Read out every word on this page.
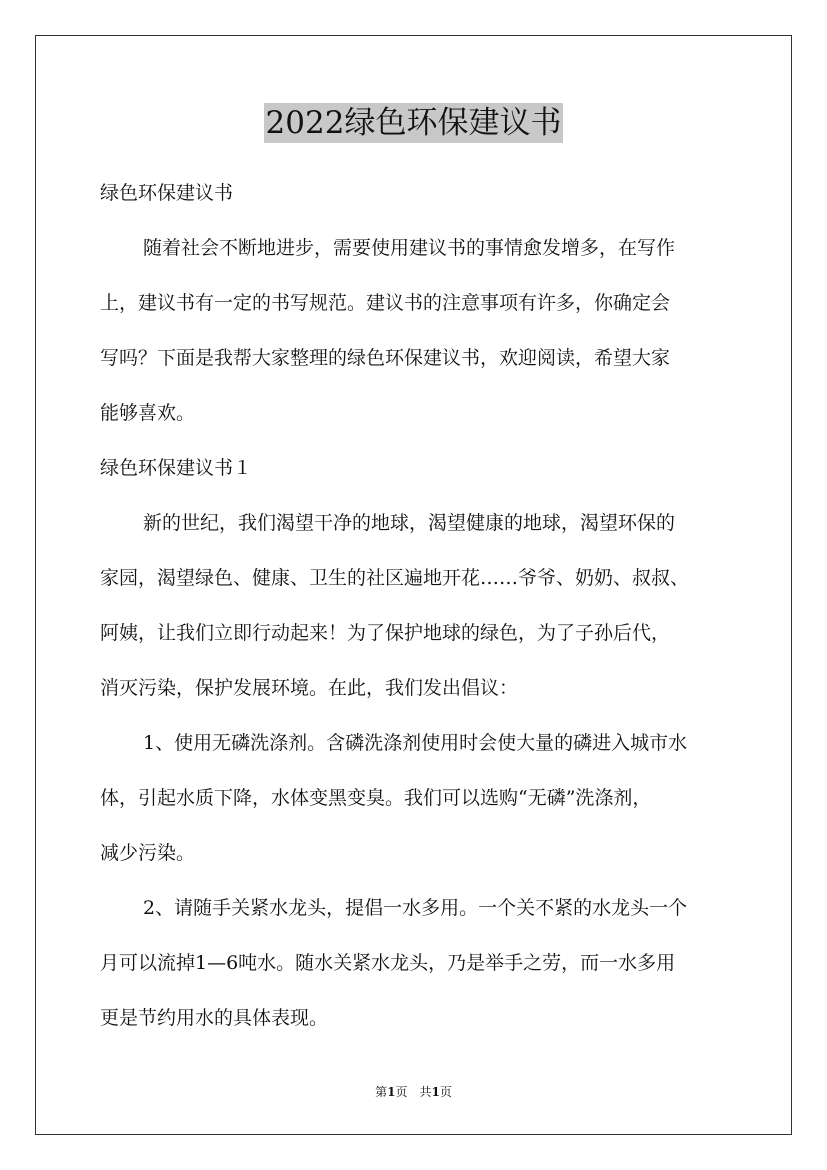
2022绿色环保建议书
绿色环保建议书
随着社会不断地进步，需要使用建议书的事情愈发增多，在写作
上，建议书有一定的书写规范。建议书的注意事项有许多，你确定会
写吗？下面是我帮大家整理的绿色环保建议书，欢迎阅读，希望大家
能够喜欢。
绿色环保建议书１
新的世纪，我们渴望干净的地球，渴望健康的地球，渴望环保的
家园，渴望绿色、健康、卫生的社区遍地开花……爷爷、奶奶、叔叔、
阿姨，让我们立即行动起来！为了保护地球的绿色，为了子孙后代，
消灭污染，保护发展环境。在此，我们发出倡议：
1、使用无磷洗涤剂。含磷洗涤剂使用时会使大量的磷进入城市水
体，引起水质下降，水体变黑变臭。我们可以选购“无磷”洗涤剂，
减少污染。
2、请随手关紧水龙头，提倡一水多用。一个关不紧的水龙头一个
月可以流掉1—6吨水。随水关紧水龙头，乃是举手之劳，而一水多用
更是节约用水的具体表现。
第1页　共1页
